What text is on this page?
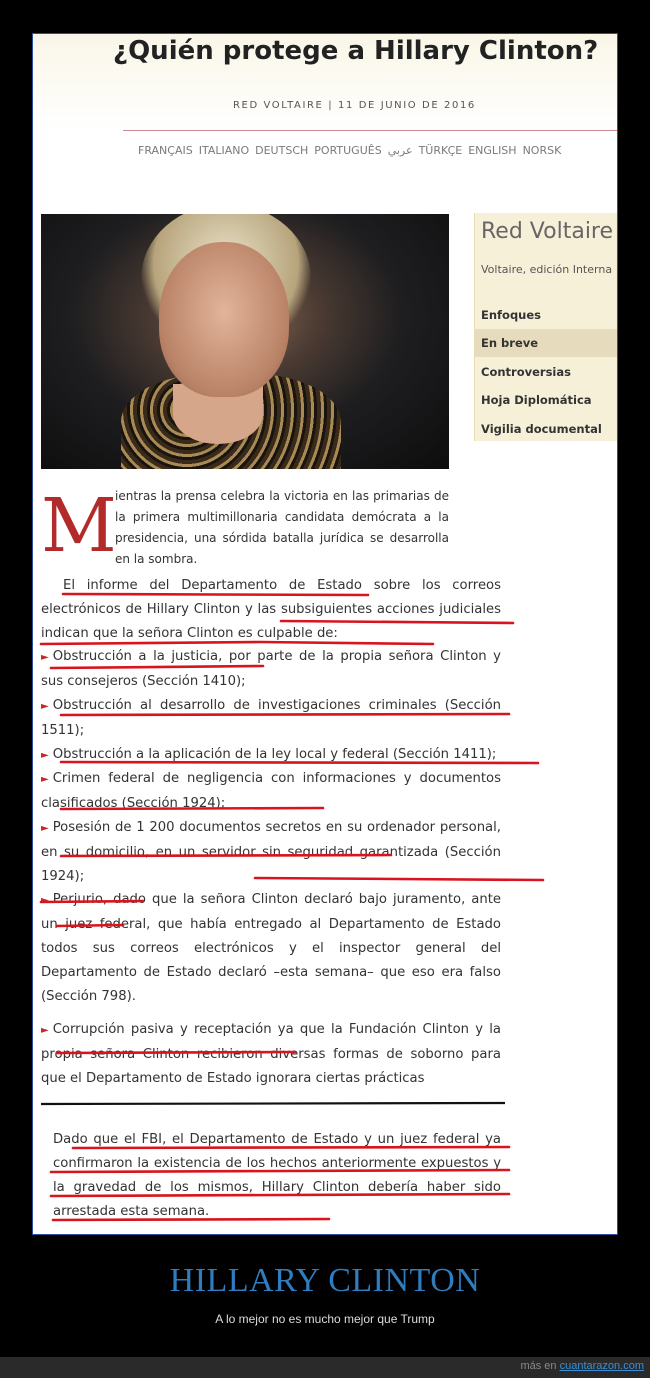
¿Quién protege a Hillary Clinton?
RED VOLTAIRE | 11 DE JUNIO DE 2016
FRANÇAIS ITALIANO DEUTSCH PORTUGUÊS عربي TÜRKÇE ENGLISH NORSK
Red Voltaire
Voltaire, edición Interna
Enfoques
En breve
Controversias
Hoja Diplomática
Vigilia documental
M

ientras la prensa celebra la victoria en las primarias de la primera multimillonaria candidata demócrata a la presidencia, una sórdida batalla jurídica se desarrolla en la sombra.

El informe del Departamento de Estado sobre los correos electrónicos de Hillary Clinton y las subsiguientes acciones judiciales indican que la señora Clinton es culpable de:

► Obstrucción a la justicia, por parte de la propia señora Clinton y sus consejeros (Sección 1410);

► Obstrucción al desarrollo de investigaciones criminales (Sección 1511);

► Obstrucción a la aplicación de la ley local y federal (Sección 1411);

► Crimen federal de negligencia con informaciones y documentos clasificados (Sección 1924);

► Posesión de 1 200 documentos secretos en su ordenador personal, en su domicilio, en un servidor sin seguridad garantizada (Sección 1924);

► Perjurio, dado que la señora Clinton declaró bajo juramento, ante un juez federal, que había entregado al Departamento de Estado todos sus correos electrónicos y el inspector general del Departamento de Estado declaró –esta semana– que eso era falso (Sección 798).

► Corrupción pasiva y receptación ya que la Fundación Clinton y la propia señora Clinton recibieron diversas formas de soborno para que el Departamento de Estado ignorara ciertas prácticas

Dado que el FBI, el Departamento de Estado y un juez federal ya confirmaron la existencia de los hechos anteriormente expuestos y la gravedad de los mismos, Hillary Clinton debería haber sido arrestada esta semana.

HILLARY CLINTON
A lo mejor no es mucho mejor que Trump
más en cuantarazon.com
